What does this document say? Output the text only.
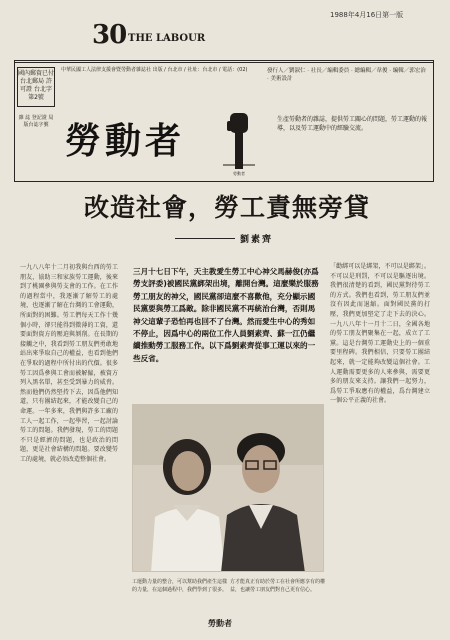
30 THE LABOUR
1988年4月16日第一版
國內郵資已付 台北郵局 許可證 台北字第2號
雜 誌 登記證 局版台誌字號
中華民國工人法律支援會暨勞動者雜誌社 出版 / 台北市 / 社址：台北市 / 電話：(02)	發行人／劉淑仁 ‧ 社長／編輯委員 ‧ 總編輯／韋俊 ‧ 編輯／郭宏治 ‧ 美術設計
勞動者
勞動者
生產勞動者的雜誌，提供勞工關心的問題，勞工運動的報導，以及勞工運動中的經驗交流。
改造社會，勞工責無旁貸
劉素齊
一九八八年十二月初我與台西的勞工朋友，協助三和家族勞工運動，後來到了桃園參與勞支會的工作。在工作的過程當中，我逐漸了解勞工的處境，也逐漸了解在台灣的工會運動，所面對的困難。勞工們每天工作十幾個小時，卻只能得到微薄的工資，還要面對資方的壓迫與剝削。在長期的接觸之中，我看到勞工朋友們勇敢地站出來爭取自己的權益，也看到他們在爭取的過程中所付出的代價。很多勞工因爲參與工會而被解僱，被資方列入黑名單，甚至受到暴力的威脅。然而他們仍然堅持下去，因爲他們知道，只有團結起來，才能改變自己的命運。一年多來，我們與許多工廠的工人一起工作，一起學習，一起討論勞工的問題。我們發現，勞工的問題不只是經濟的問題，也是政治的問題，更是社會結構的問題。要改變勞工的處境，就必須改造整個社會。
三月十七日下午，天主教愛生勞工中心神父馬赫俊(亦爲勞支評委)被國民黨綁架出境，離開台灣。這麼樂於服務勞工朋友的神父，國民黨卻這麼不喜歡他，充分顯示國民黨要與勞工爲敵。除非國民黨不再統治台灣，否則馬神父這輩子恐怕再也回不了台灣。然而愛生中心的秀如不停止，因爲中心的兩位工作人員劉素齊、蘇一江仍繼續推動勞工服務工作。以下爲劉素齊從事工運以來的一些反省。
「勸綁可以是綁架，不可以是綁架」。不可以是刑罰，不可以是驅逐出境。我們很清楚的看到，國民黨對待勞工的方式。我們也看到，勞工朋友們並沒有因此而退縮。面對國民黨的打壓，我們更加堅定了走下去的決心。一九八八年十一月十二日，全國各地的勞工朋友們聚集在一起，成立了工黨。這是台灣勞工運動史上的一個重要里程碑。我們相信，只要勞工團結起來，就一定能夠改變這個社會。工人運動需要更多的人來參與，需要更多的朋友來支持。讓我們一起努力，爲勞工爭取應有的權益，爲台灣建立一個公平正義的社會。
工運動力量的整合，可以幫助我們產生這樣的力量，在這個過程中，我們學到了很多。
方才能真正有助於勞工在社會所應享有的權益，也讓勞工朋友們對自己更有信心。
勞動者
